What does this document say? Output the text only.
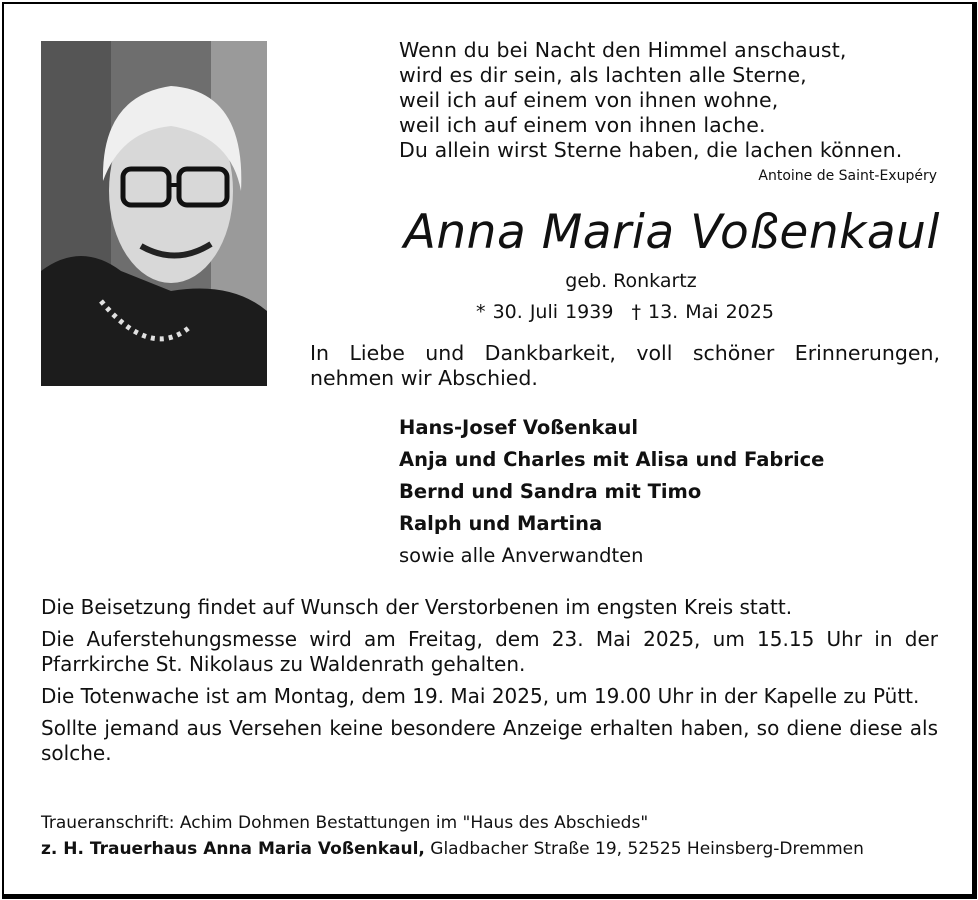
Wenn du bei Nacht den Himmel anschaust,
wird es dir sein, als lachten alle Sterne,
weil ich auf einem von ihnen wohne,
weil ich auf einem von ihnen lache.
Du allein wirst Sterne haben, die lachen können.
Antoine de Saint-Exupéry
Anna Maria Voßenkaul
geb. Ronkartz
* 30. Juli 1939 † 13. Mai 2025
In Liebe und Dankbarkeit, voll schöner Erinnerungen, nehmen wir Abschied.
Hans-Josef Voßenkaul
Anja und Charles mit Alisa und Fabrice
Bernd und Sandra mit Timo
Ralph und Martina
sowie alle Anverwandten

Die Beisetzung findet auf Wunsch der Verstorbenen im engsten Kreis statt.

Die Auferstehungsmesse wird am Freitag, dem 23. Mai 2025, um 15.15 Uhr in der Pfarrkirche St. Nikolaus zu Waldenrath gehalten.

Die Totenwache ist am Montag, dem 19. Mai 2025, um 19.00 Uhr in der Kapelle zu Pütt.

Sollte jemand aus Versehen keine besondere Anzeige erhalten haben, so diene diese als solche.

Traueranschrift: Achim Dohmen Bestattungen im "Haus des Abschieds"
z. H. Trauerhaus Anna Maria Voßenkaul, Gladbacher Straße 19, 52525 Heinsberg-Dremmen
